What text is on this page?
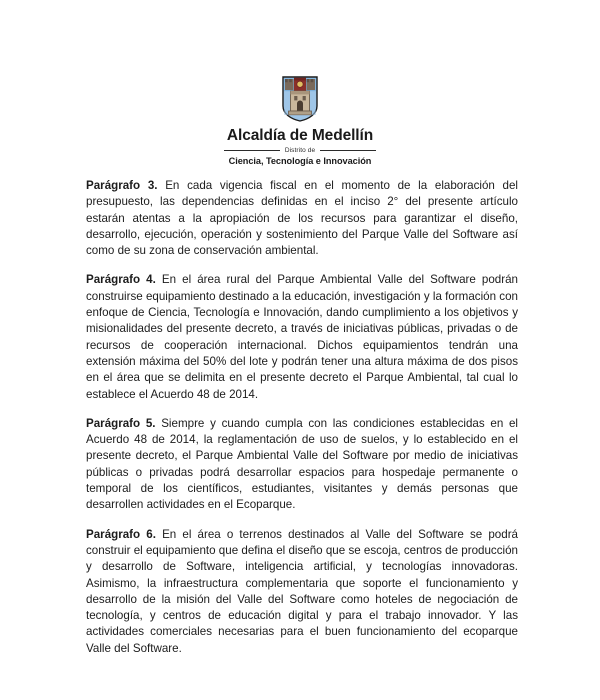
Alcaldía de Medellín
Distrito de
Ciencia, Tecnología e Innovación

Parágrafo 3. En cada vigencia fiscal en el momento de la elaboración del presupuesto, las dependencias definidas en el inciso 2° del presente artículo estarán atentas a la apropiación de los recursos para garantizar el diseño, desarrollo, ejecución, operación y sostenimiento del Parque Valle del Software así como de su zona de conservación ambiental.

Parágrafo 4. En el área rural del Parque Ambiental Valle del Software podrán construirse equipamiento destinado a la educación, investigación y la formación con enfoque de Ciencia, Tecnología e Innovación, dando cumplimiento a los objetivos y misionalidades del presente decreto, a través de iniciativas públicas, privadas o de recursos de cooperación internacional. Dichos equipamientos tendrán una extensión máxima del 50% del lote y podrán tener una altura máxima de dos pisos en el área que se delimita en el presente decreto el Parque Ambiental, tal cual lo establece el Acuerdo 48 de 2014.

Parágrafo 5. Siempre y cuando cumpla con las condiciones establecidas en el Acuerdo 48 de 2014, la reglamentación de uso de suelos, y lo establecido en el presente decreto, el Parque Ambiental Valle del Software por medio de iniciativas públicas o privadas podrá desarrollar espacios para hospedaje permanente o temporal de los científicos, estudiantes, visitantes y demás personas que desarrollen actividades en el Ecoparque.

Parágrafo 6. En el área o terrenos destinados al Valle del Software se podrá construir el equipamiento que defina el diseño que se escoja, centros de producción y desarrollo de Software, inteligencia artificial, y tecnologías innovadoras. Asimismo, la infraestructura complementaria que soporte el funcionamiento y desarrollo de la misión del Valle del Software como hoteles de negociación de tecnología, y centros de educación digital y para el trabajo innovador. Y las actividades comerciales necesarias para el buen funcionamiento del ecoparque Valle del Software.
